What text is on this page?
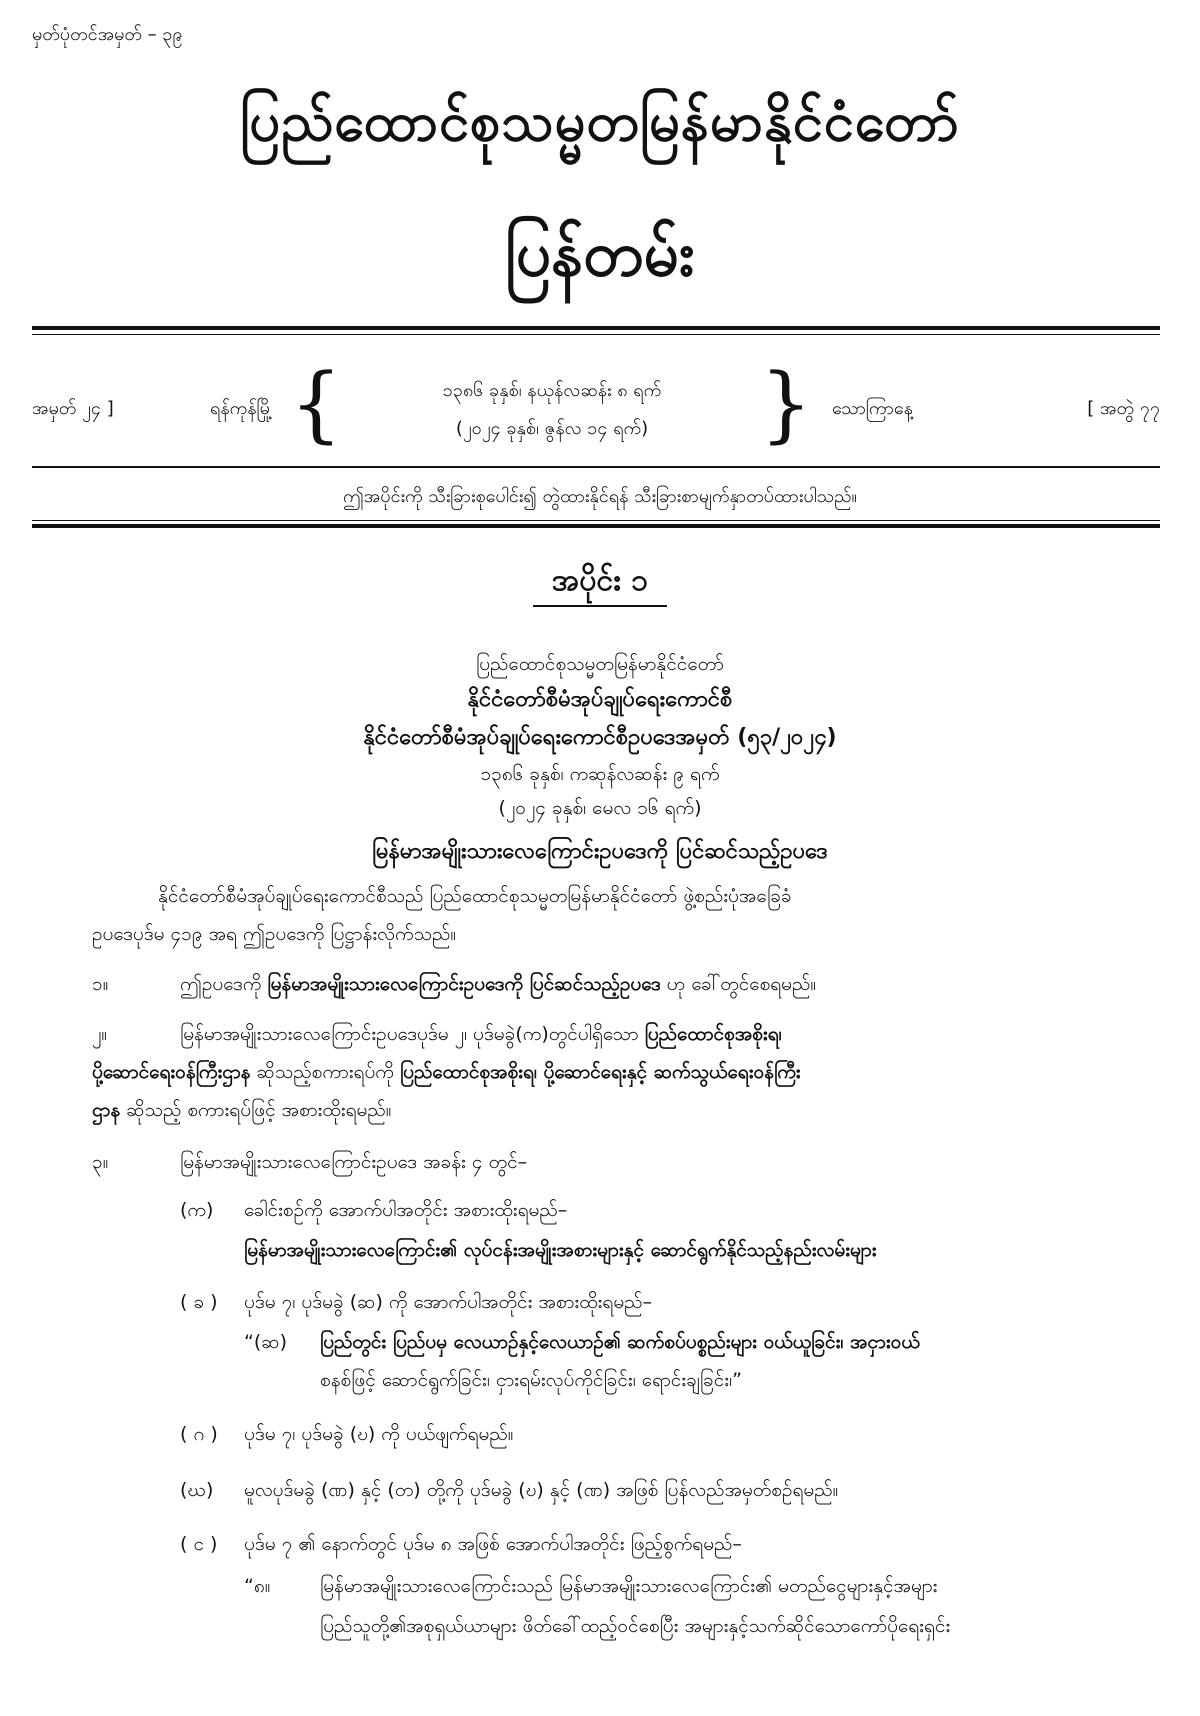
မှတ်ပုံတင်အမှတ် – ၃၉
ပြည်ထောင်စုသမ္မတမြန်မာနိုင်ငံတော်
ပြန်တမ်း
အမှတ် ၂၄ ]	ရန်ကုန်မြို့ {	၁၃၈၆ ခုနှစ်၊ နယုန်လဆန်း ၈ ရက်
(၂၀၂၄ ခုနှစ်၊ ဇွန်လ ၁၄ ရက်)	} သောကြာနေ့	[ အတွဲ ၇၇
ဤအပိုင်းကို သီးခြားစုပေါင်း၍ တွဲထားနိုင်ရန် သီးခြားစာမျက်နှာတပ်ထားပါသည်။
အပိုင်း ၁
ပြည်ထောင်စုသမ္မတမြန်မာနိုင်ငံတော်
နိုင်ငံတော်စီမံအုပ်ချုပ်ရေးကောင်စီ
နိုင်ငံတော်စီမံအုပ်ချုပ်ရေးကောင်စီဥပဒေအမှတ် (၅၃/၂၀၂၄)
၁၃၈၆ ခုနှစ်၊ ကဆုန်လဆန်း ၉ ရက်
(၂၀၂၄ ခုနှစ်၊ မေလ ၁၆ ရက်)
မြန်မာအမျိုးသားလေကြောင်းဥပဒေကို ပြင်ဆင်သည့်ဥပဒေ
နိုင်ငံတော်စီမံအုပ်ချုပ်ရေးကောင်စီသည် ပြည်ထောင်စုသမ္မတမြန်မာနိုင်ငံတော် ဖွဲ့စည်းပုံအခြေခံ
ဥပဒေပုဒ်မ ၄၁၉ အရ ဤဥပဒေကို ပြဋ္ဌာန်းလိုက်သည်။
၁။	ဤဥပဒေကို မြန်မာအမျိုးသားလေကြောင်းဥပဒေကို ပြင်ဆင်သည့်ဥပဒေ ဟု ခေါ်တွင်စေရမည်။
၂။	မြန်မာအမျိုးသားလေကြောင်းဥပဒေပုဒ်မ ၂၊ ပုဒ်မခွဲ(က)တွင်ပါရှိသော ပြည်ထောင်စုအစိုးရ၊
ပို့ဆောင်ရေးဝန်ကြီးဌာန ဆိုသည့်စကားရပ်ကို ပြည်ထောင်စုအစိုးရ၊ ပို့ဆောင်ရေးနှင့် ဆက်သွယ်ရေးဝန်ကြီး
ဌာန ဆိုသည့် စကားရပ်ဖြင့် အစားထိုးရမည်။
၃။	မြန်မာအမျိုးသားလေကြောင်းဥပဒေ အခန်း ၄ တွင်–
(က) ခေါင်းစဉ်ကို အောက်ပါအတိုင်း အစားထိုးရမည်–
မြန်မာအမျိုးသားလေကြောင်း၏ လုပ်ငန်းအမျိုးအစားများနှင့် ဆောင်ရွက်နိုင်သည့်နည်းလမ်းများ
( ခ ) ပုဒ်မ ၇၊ ပုဒ်မခွဲ (ဆ) ကို အောက်ပါအတိုင်း အစားထိုးရမည်–
“(ဆ) ပြည်တွင်း ပြည်ပမှ လေယာဉ်နှင့်လေယာဉ်၏ ဆက်စပ်ပစ္စည်းများ ဝယ်ယူခြင်း၊ အငှားဝယ်
စနစ်ဖြင့် ဆောင်ရွက်ခြင်း၊ ငှားရမ်းလုပ်ကိုင်ခြင်း၊ ရောင်းချခြင်း၊”
( ဂ ) ပုဒ်မ ၇၊ ပုဒ်မခွဲ (ဎ) ကို ပယ်ဖျက်ရမည်။
(ဃ) မူလပုဒ်မခွဲ (ဏ) နှင့် (တ) တို့ကို ပုဒ်မခွဲ (ဎ) နှင့် (ဏ) အဖြစ် ပြန်လည်အမှတ်စဉ်ရမည်။
( င ) ပုဒ်မ ၇ ၏ နောက်တွင် ပုဒ်မ ၈ အဖြစ် အောက်ပါအတိုင်း ဖြည့်စွက်ရမည်–
“၈။	မြန်မာအမျိုးသားလေကြောင်းသည် မြန်မာအမျိုးသားလေကြောင်း၏ မတည်ငွေများနှင့်အများ
ပြည်သူတို့၏အစုရှယ်ယာများ ဖိတ်ခေါ်ထည့်ဝင်စေပြီး အများနှင့်သက်ဆိုင်သောကော်ပိုရေးရှင်း
